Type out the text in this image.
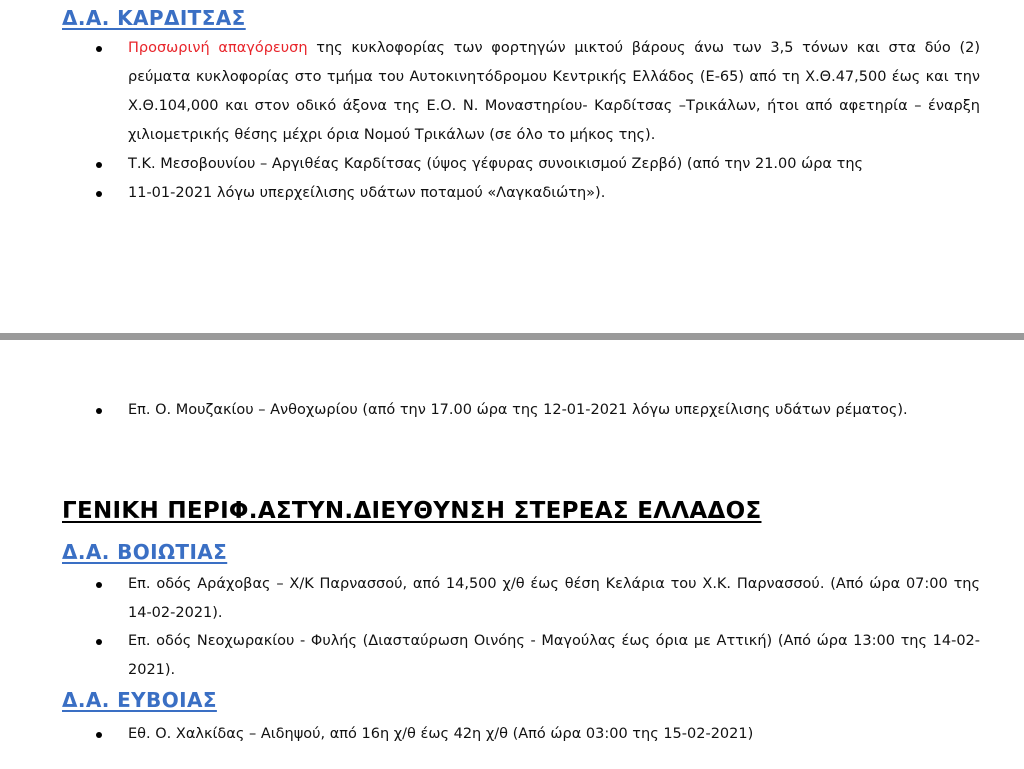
Δ.Α. ΚΑΡΔΙΤΣΑΣ
Προσωρινή απαγόρευση της κυκλοφορίας των φορτηγών μικτού βάρους άνω των 3,5 τόνων και στα δύο (2) ρεύματα κυκλοφορίας στο τμήμα του Αυτοκινητόδρομου Κεντρικής Ελλάδος (Ε-65) από τη Χ.Θ.47,500 έως και την Χ.Θ.104,000 και στον οδικό άξονα της Ε.Ο. Ν. Μοναστηρίου- Καρδίτσας –Τρικάλων, ήτοι από αφετηρία – έναρξη χιλιομετρικής θέσης μέχρι όρια Νομού Τρικάλων (σε όλο το μήκος της).
Τ.Κ. Μεσοβουνίου – Αργιθέας Καρδίτσας (ύψος γέφυρας συνοικισμού Ζερβό) (από την 21.00 ώρα της
11-01-2021 λόγω υπερχείλισης υδάτων ποταμού «Λαγκαδιώτη»).
Επ. Ο. Μουζακίου – Ανθοχωρίου (από την 17.00 ώρα της 12-01-2021 λόγω υπερχείλισης υδάτων ρέματος).
ΓΕΝΙΚΗ ΠΕΡΙΦ.ΑΣΤΥΝ.ΔΙΕΥΘΥΝΣΗ ΣΤΕΡΕΑΣ ΕΛΛΑΔΟΣ
Δ.Α. ΒΟΙΩΤΙΑΣ
Επ. οδός Αράχοβας – Χ/Κ Παρνασσού, από 14,500 χ/θ έως θέση Κελάρια του Χ.Κ. Παρνασσού. (Από ώρα 07:00 της 14-02-2021).
Επ. οδός Νεοχωρακίου - Φυλής (Διασταύρωση Οινόης - Μαγούλας έως όρια με Αττική) (Από ώρα 13:00 της 14-02-2021).
Δ.Α. ΕΥΒΟΙΑΣ
Εθ. Ο. Χαλκίδας – Αιδηψού, από 16η χ/θ έως 42η χ/θ (Από ώρα 03:00 της 15-02-2021)
